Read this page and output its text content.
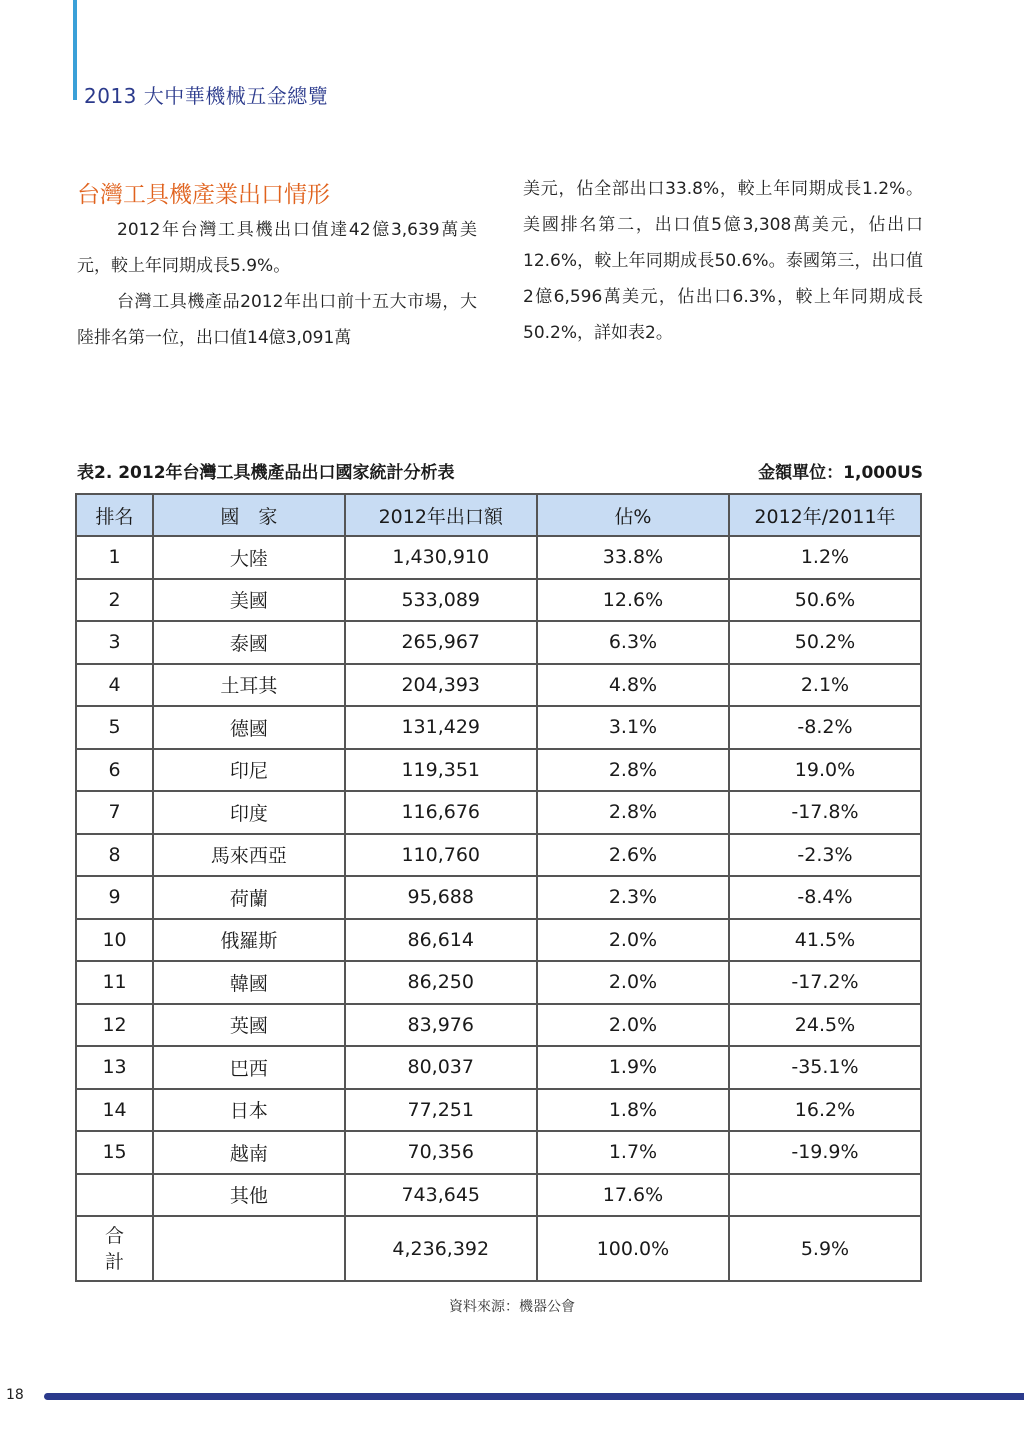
2013 大中華機械五金總覽
台灣工具機產業出口情形

2012年台灣工具機出口值達42億3,639萬美元，較上年同期成長5.9%。

台灣工具機產品2012年出口前十五大市場，大陸排名第一位，出口值14億3,091萬

美元，佔全部出口33.8%，較上年同期成長1.2%。美國排名第二，出口值5億3,308萬美元，佔出口12.6%，較上年同期成長50.6%。泰國第三，出口值2億6,596萬美元，佔出口6.3%，較上年同期成長50.2%，詳如表2。

表2. 2012年台灣工具機產品出口國家統計分析表	金額單位：1,000US
排名	國　家	2012年出口額	佔%	2012年/2011年
1	大陸	1,430,910	33.8%	1.2%
2	美國	533,089	12.6%	50.6%
3	泰國	265,967	6.3%	50.2%
4	土耳其	204,393	4.8%	2.1%
5	德國	131,429	3.1%	-8.2%
6	印尼	119,351	2.8%	19.0%
7	印度	116,676	2.8%	-17.8%
8	馬來西亞	110,760	2.6%	-2.3%
9	荷蘭	95,688	2.3%	-8.4%
10	俄羅斯	86,614	2.0%	41.5%
11	韓國	86,250	2.0%	-17.2%
12	英國	83,976	2.0%	24.5%
13	巴西	80,037	1.9%	-35.1%
14	日本	77,251	1.8%	16.2%
15	越南	70,356	1.7%	-19.9%
	其他	743,645	17.6%	
合
計		4,236,392	100.0%	5.9%
資料來源：機器公會
18
